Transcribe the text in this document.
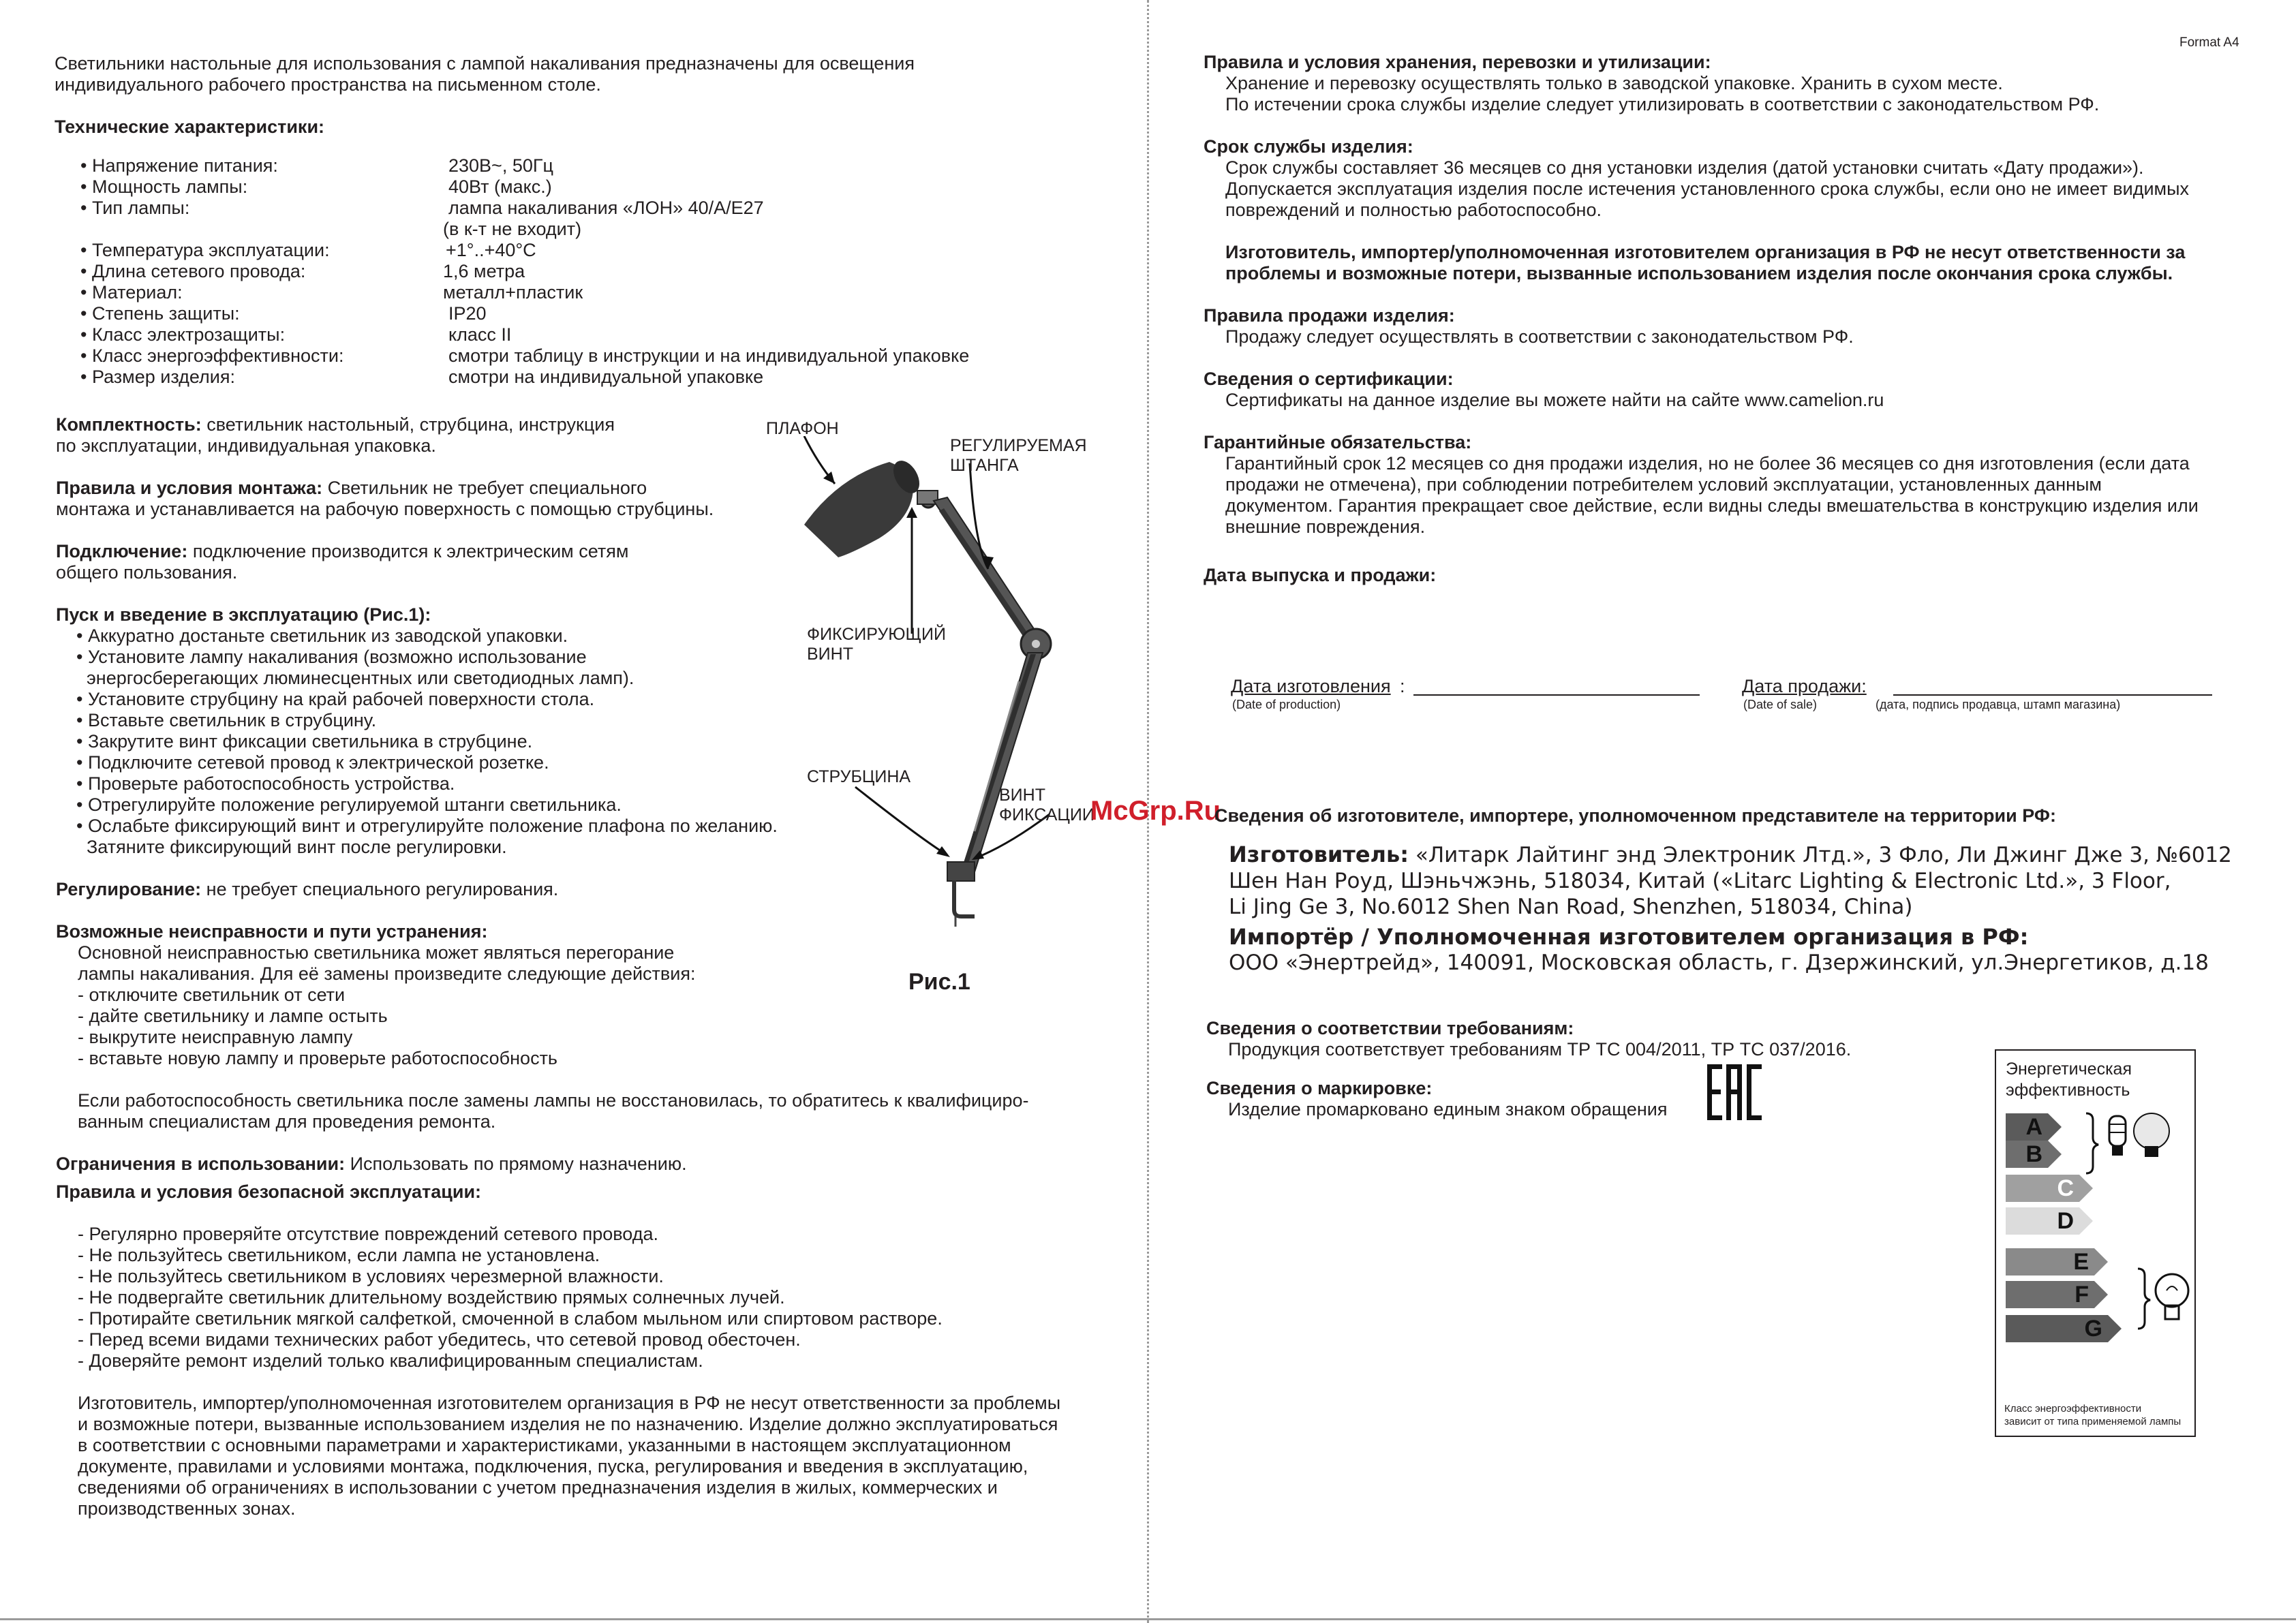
Format A4

Светильники настольные для использования с лампой накаливания предназначены для освещения

индивидуального рабочего пространства на письменном столе.

Технические характеристики:
• Напряжение питания:	230В~, 50Гц
• Мощность лампы:	40Вт (макс.)
• Тип лампы:	лампа накаливания «ЛОН» 40/А/Е27
(в к-т не входит)
• Температура эксплуатации:	+1°..+40°C
• Длина сетевого провода:	1,6 метра
• Материал:	металл+пластик
• Степень защиты:	IP20
• Класс электрозащиты:	класс II
• Класс энергоэффективности:	смотри таблицу в инструкции и на индивидуальной упаковке
• Размер изделия:	смотри на индивидуальной упаковке

Комплектность: светильник настольный, струбцина, инструкция

по эксплуатации, индивидуальная упаковка.

Правила и условия монтажа: Светильник не требует специального

монтажа и устанавливается на рабочую поверхность с помощью струбцины.

Подключение: подключение производится к электрическим сетям

общего пользования.

Пуск и введение в эксплуатацию (Рис.1):

• Аккуратно достаньте светильник из заводской упаковки.

• Установите лампу накаливания (возможно использование

энергосберегающих люминесцентных или светодиодных ламп).

• Установите струбцину на край рабочей поверхности стола.

• Вставьте светильник в струбцину.

• Закрутите винт фиксации светильника в струбцине.

• Подключите сетевой провод к электрической розетке.

• Проверьте работоспособность устройства.

• Отрегулируйте положение регулируемой штанги светильника.

• Ослабьте фиксирующий винт и отрегулируйте положение плафона по желанию.

Затяните фиксирующий винт после регулировки.

Регулирование: не требует специального регулирования.

Возможные неисправности и пути устранения:

Основной неисправностью светильника может являться перегорание

лампы накаливания. Для её замены произведите следующие действия:

- отключите светильник от сети

- дайте светильнику и лампе остыть

- выкрутите неисправную лампу

- вставьте новую лампу и проверьте работоспособность

Если работоспособность светильника после замены лампы не восстановилась, то обратитесь к квалифициро-

ванным специалистам для проведения ремонта.

Ограничения в использовании: Использовать по прямому назначению.

Правила и условия безопасной эксплуатации:

- Регулярно проверяйте отсутствие повреждений сетевого провода.

- Не пользуйтесь светильником, если лампа не установлена.

- Не пользуйтесь светильником в условиях черезмерной влажности.

- Не подвергайте светильник длительному воздействию прямых солнечных лучей.

- Протирайте светильник мягкой салфеткой, смоченной в слабом мыльном или спиртовом растворе.

- Перед всеми видами технических работ убедитесь, что сетевой провод обесточен.

- Доверяйте ремонт изделий только квалифицированным специалистам.

Изготовитель, импортер/уполномоченная изготовителем организация в РФ не несут ответственности за проблемы

и возможные потери, вызванные использованием изделия не по назначению. Изделие должно эксплуатироваться

в соответствии с основными параметрами и характеристиками, указанными в настоящем эксплуатационном

документе, правилами и условиями монтажа, подключения, пуска, регулирования и введения в эксплуатацию,

сведениями об ограничениях в использовании с учетом предназначения изделия в жилых, коммерческих и

производственных зонах.

ПЛАФОН
РЕГУЛИРУЕМАЯ
ШТАНГА
ФИКСИРУЮЩИЙ
ВИНТ
СТРУБЦИНА
ВИНТ
ФИКСАЦИИ
Рис.1
McGrp.Ru

Правила и условия хранения, перевозки и утилизации:

Хранение и перевозку осуществлять только в заводской упаковке. Хранить в сухом месте.

По истечении срока службы изделие следует утилизировать в соответствии с законодательством РФ.

Срок службы изделия:

Срок службы составляет 36 месяцев со дня установки изделия (датой установки считать «Дату продажи»).

Допускается эксплуатация изделия после истечения установленного срока службы, если оно не имеет видимых

повреждений и полностью работоспособно.

Изготовитель, импортер/уполномоченная изготовителем организация в РФ не несут ответственности за

проблемы и возможные потери, вызванные использованием изделия после окончания срока службы.

Правила продажи изделия:

Продажу следует осуществлять в соответствии с законодательством РФ.

Сведения о сертификации:

Сертификаты на данное изделие вы можете найти на сайте www.camelion.ru

Гарантийные обязательства:

Гарантийный срок 12 месяцев со дня продажи изделия, но не более 36 месяцев со дня изготовления (если дата

продажи не отмечена), при соблюдении потребителем условий эксплуатации, установленных данным

документом. Гарантия прекращает свое действие, если видны следы вмешательства в конструкцию изделия или

внешние повреждения.

Дата выпуска и продажи:

Дата изготовления :
(Date of production)
Дата продажи:
(Date of sale)	(дата, подпись продавца, штамп магазина)
Сведения об изготовителе, импортере, уполномоченном представителе на территории РФ:
Изготовитель: «Литарк Лайтинг энд Электроник Лтд.», 3 Фло, Ли Джинг Дже 3, №6012
Шен Нан Роуд, Шэньчжэнь, 518034, Китай («Litarc Lighting & Electronic Ltd.», 3 Floor,
Li Jing Ge 3, No.6012 Shen Nan Road, Shenzhen, 518034, China)
Импортёр / Уполномоченная изготовителем организация в РФ:
ООО «Энертрейд», 140091, Московская область, г. Дзержинский, ул.Энергетиков, д.18

Сведения о соответствии требованиям:

Продукция соответствует требованиям ТР ТС 004/2011, ТР ТС 037/2016.

Сведения о маркировке:

Изделие промарковано единым знаком обращения

Энергетическая
эффективность
A
B
C
D
E
F
G
Класс энергоэффективности
зависит от типа применяемой лампы
